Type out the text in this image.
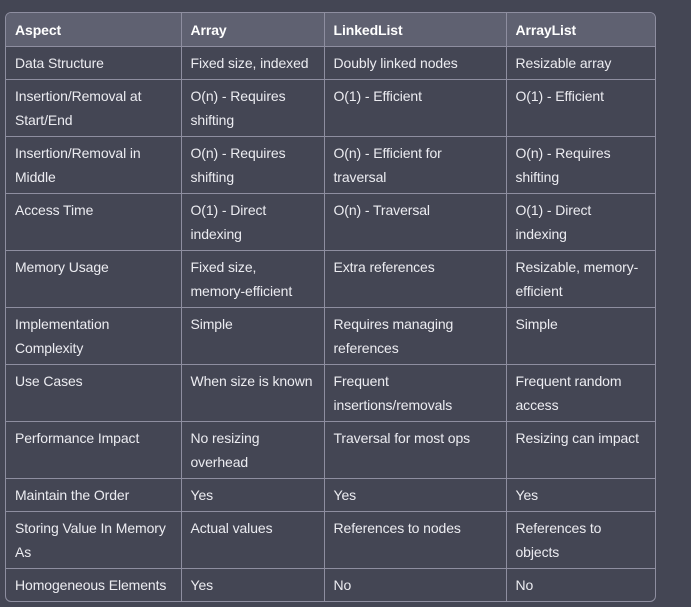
Aspect	Array	LinkedList	ArrayList
Data Structure	Fixed size, indexed	Doubly linked nodes	Resizable array
Insertion/Removal at Start/End	O(n) - Requires shifting	O(1) - Efficient	O(1) - Efficient
Insertion/Removal in Middle	O(n) - Requires shifting	O(n) - Efficient for traversal	O(n) - Requires shifting
Access Time	O(1) - Direct indexing	O(n) - Traversal	O(1) - Direct indexing
Memory Usage	Fixed size, memory-efficient	Extra references	Resizable, memory-efficient
Implementation Complexity	Simple	Requires managing references	Simple
Use Cases	When size is known	Frequent insertions/removals	Frequent random access
Performance Impact	No resizing overhead	Traversal for most ops	Resizing can impact
Maintain the Order	Yes	Yes	Yes
Storing Value In Memory As	Actual values	References to nodes	References to objects
Homogeneous Elements	Yes	No	No
